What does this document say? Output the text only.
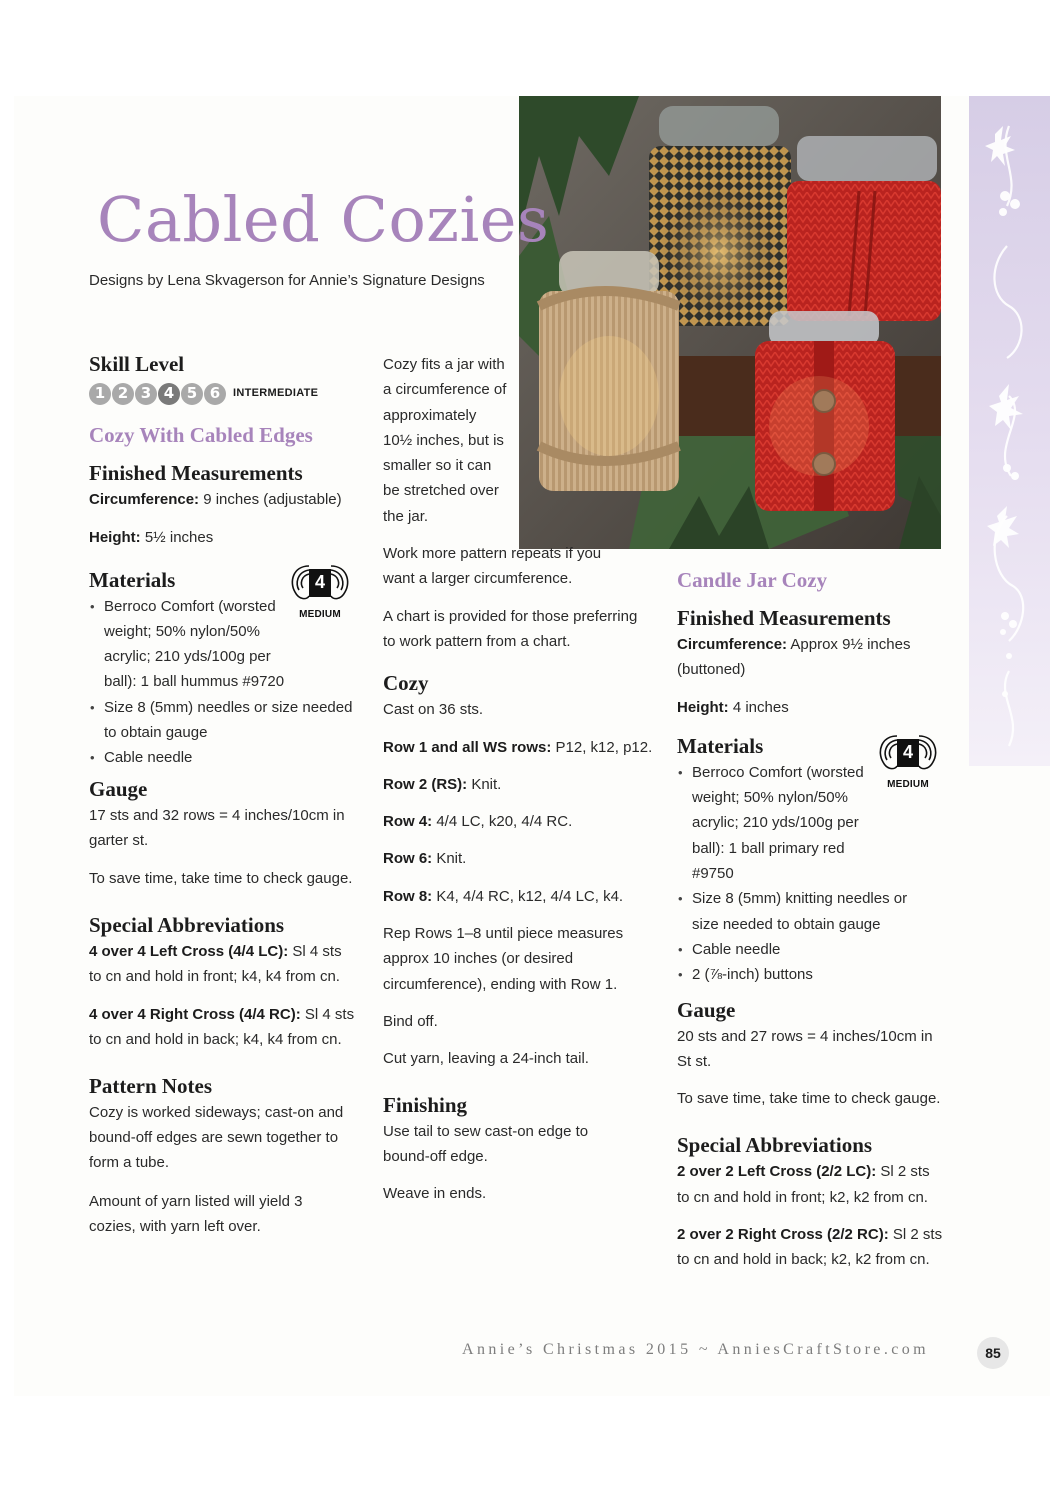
Cabled Cozies
Designs by Lena Skvagerson for Annie’s Signature Designs
Skill Level
1 2 3 4 5 6	INTERMEDIATE
Cozy With Cabled Edges
Finished Measurements

Circumference: 9 inches (adjustable)

Height: 5½ inches

Materials	4
MEDIUM

• Berroco Comfort (worsted weight; 50% nylon/50% acrylic; 210 yds/100g per ball): 1 ball hummus #9720

• Size 8 (5mm) needles or size needed to obtain gauge

• Cable needle

Gauge

17 sts and 32 rows = 4 inches/10cm in garter st.

To save time, take time to check gauge.

Special Abbreviations

4 over 4 Left Cross (4/4 LC): Sl 4 sts to cn and hold in front; k4, k4 from cn.

4 over 4 Right Cross (4/4 RC): Sl 4 sts to cn and hold in back; k4, k4 from cn.

Pattern Notes

Cozy is worked sideways; cast-on and bound-off edges are sewn together to form a tube.

Amount of yarn listed will yield 3 cozies, with yarn left over.

Cozy fits a jar with a circumference of approximately 10½ inches, but is smaller so it can be stretched over the jar.

Work more pattern repeats if you want a larger circumference.

A chart is provided for those preferring to work pattern from a chart.

Cozy

Cast on 36 sts.

Row 1 and all WS rows: P12, k12, p12.

Row 2 (RS): Knit.

Row 4: 4/4 LC, k20, 4/4 RC.

Row 6: Knit.

Row 8: K4, 4/4 RC, k12, 4/4 LC, k4.

Rep Rows 1–8 until piece measures approx 10 inches (or desired circumference), ending with Row 1.

Bind off.

Cut yarn, leaving a 24-inch tail.

Finishing

Use tail to sew cast-on edge to bound-off edge.

Weave in ends.

Candle Jar Cozy
Finished Measurements

Circumference: Approx 9½ inches (buttoned)

Height: 4 inches

Materials	4
MEDIUM

• Berroco Comfort (worsted weight; 50% nylon/50% acrylic; 210 yds/100g per ball): 1 ball primary red #9750

• Size 8 (5mm) knitting needles or size needed to obtain gauge

• Cable needle

• 2 (⅞-inch) buttons

Gauge

20 sts and 27 rows = 4 inches/10cm in St st.

To save time, take time to check gauge.

Special Abbreviations

2 over 2 Left Cross (2/2 LC): Sl 2 sts to cn and hold in front; k2, k2 from cn.

2 over 2 Right Cross (2/2 RC): Sl 2 sts to cn and hold in back; k2, k2 from cn.

Annie’s Christmas 2015 ~ AnniesCraftStore.com	85
